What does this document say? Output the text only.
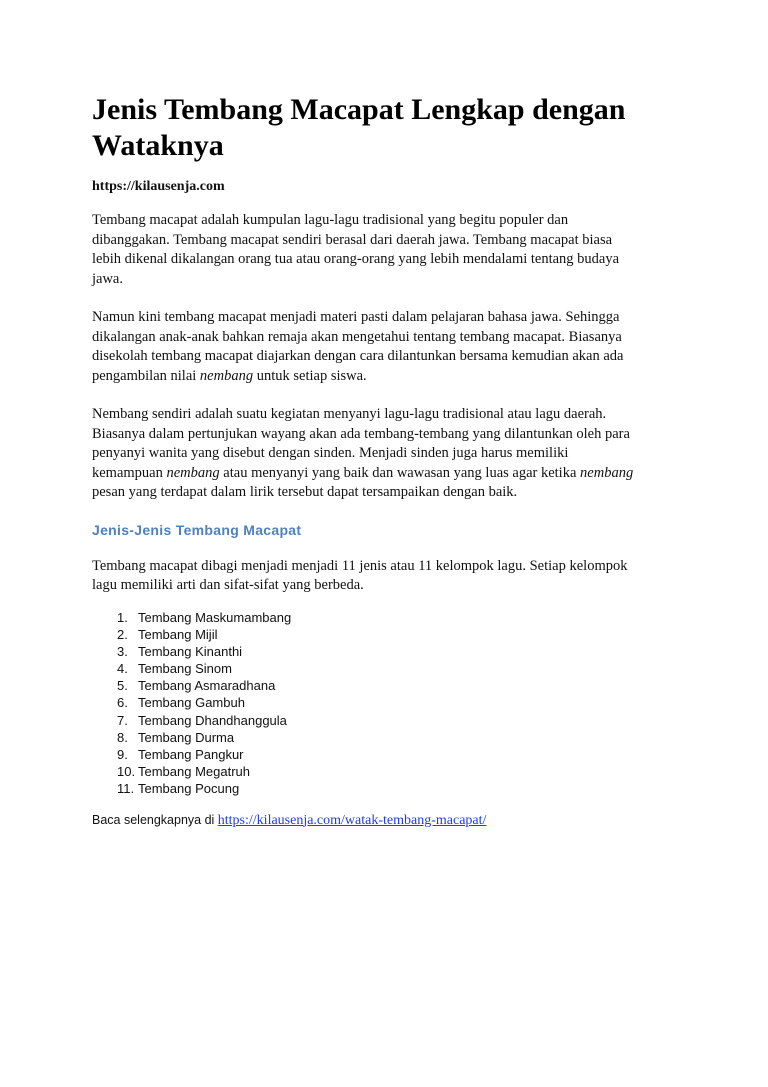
Jenis Tembang Macapat Lengkap dengan
Wataknya
https://kilausenja.com

Tembang macapat adalah kumpulan lagu-lagu tradisional yang begitu populer dan
dibanggakan. Tembang macapat sendiri berasal dari daerah jawa. Tembang macapat biasa
lebih dikenal dikalangan orang tua atau orang-orang yang lebih mendalami tentang budaya
jawa.

Namun kini tembang macapat menjadi materi pasti dalam pelajaran bahasa jawa. Sehingga
dikalangan anak-anak bahkan remaja akan mengetahui tentang tembang macapat. Biasanya
disekolah tembang macapat diajarkan dengan cara dilantunkan bersama kemudian akan ada
pengambilan nilai nembang untuk setiap siswa.

Nembang sendiri adalah suatu kegiatan menyanyi lagu-lagu tradisional atau lagu daerah.
Biasanya dalam pertunjukan wayang akan ada tembang-tembang yang dilantunkan oleh para
penyanyi wanita yang disebut dengan sinden. Menjadi sinden juga harus memiliki
kemampuan nembang atau menyanyi yang baik dan wawasan yang luas agar ketika nembang
pesan yang terdapat dalam lirik tersebut dapat tersampaikan dengan baik.

Jenis-Jenis Tembang Macapat

Tembang macapat dibagi menjadi menjadi 11 jenis atau 11 kelompok lagu. Setiap kelompok
lagu memiliki arti dan sifat-sifat yang berbeda.

1. Tembang Maskumambang
2. Tembang Mijil
3. Tembang Kinanthi
4. Tembang Sinom
5. Tembang Asmaradhana
6. Tembang Gambuh
7. Tembang Dhandhanggula
8. Tembang Durma
9. Tembang Pangkur
10. Tembang Megatruh
11. Tembang Pocung
Baca selengkapnya di https://kilausenja.com/watak-tembang-macapat/
